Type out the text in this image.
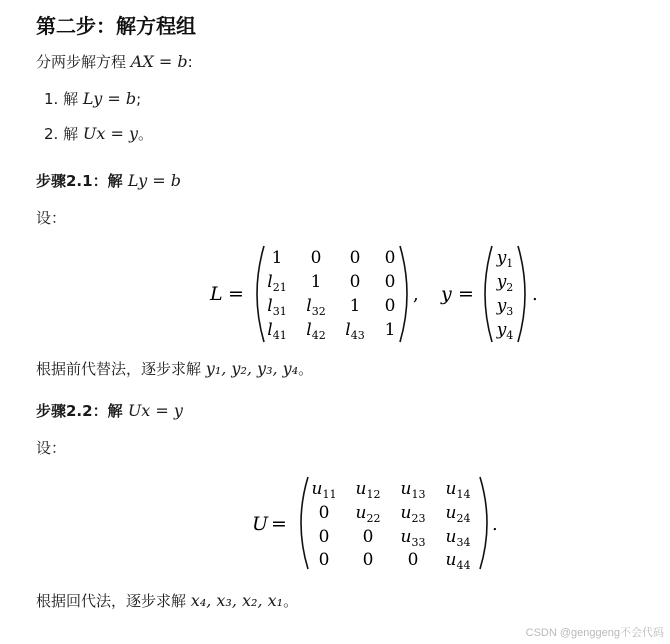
第二步：解方程组
分两步解方程 AX = b:
1. 解 Ly = b;
2. 解 Ux = y。
步骤2.1：解 Ly = b
设：
L =
1 0 0 0
$l_{21}$ 1 0 0
$l_{31}$ $l_{32}$ 1 0
$l_{41}$ $l_{42}$ $l_{43}$ 1
, y =
$y_1$
$y_2$
$y_3$
$y_4$
.
根据前代替法，逐步求解 y₁, y₂, y₃, y₄。
步骤2.2：解 Ux = y
设：
U =
$u_{11}$ $u_{12}$ $u_{13}$ $u_{14}$
0 $u_{22}$ $u_{23}$ $u_{24}$
0 0 $u_{33}$ $u_{34}$
0 0 0 $u_{44}$
.
根据回代法，逐步求解 x₄, x₃, x₂, x₁。
CSDN @genggeng不会代码
